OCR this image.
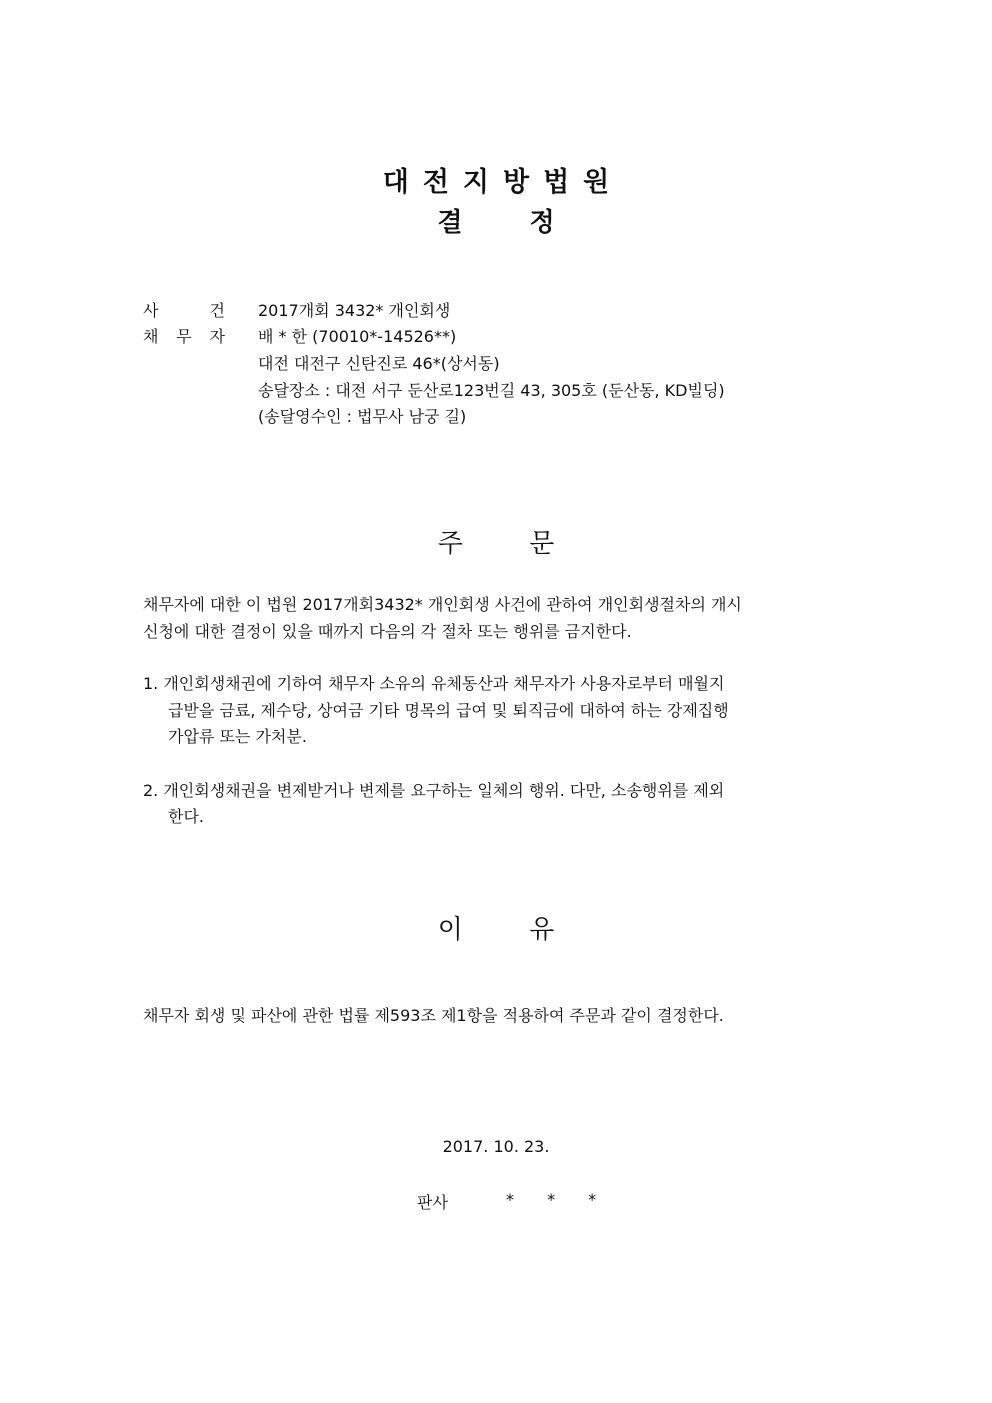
대전지방법원
결 정
사	건 2017개회 3432* 개인회생
채 무 자 배 * 한 (70010*-14526**)
대전 대전구 신탄진로 46*(상서동)
송달장소 : 대전 서구 둔산로123번길 43, 305호 (둔산동, KD빌딩)
(송달영수인 : 법무사 남궁 길)
주 문
채무자에 대한 이 법원 2017개회3432* 개인회생 사건에 관하여 개인회생절차의 개시
신청에 대한 결정이 있을 때까지 다음의 각 절차 또는 행위를 금지한다.
1. 개인회생채권에 기하여 채무자 소유의 유체동산과 채무자가 사용자로부터 매월지
급받을 금료, 제수당, 상여금 기타 명목의 급여 및 퇴직금에 대하여 하는 강제집행
가압류 또는 가처분.
2. 개인회생채권을 변제받거나 변제를 요구하는 일체의 행위. 다만, 소송행위를 제외
한다.
이 유
채무자 회생 및 파산에 관한 법률 제593조 제1항을 적용하여 주문과 같이 결정한다.
2017. 10. 23.
판사	* * *
